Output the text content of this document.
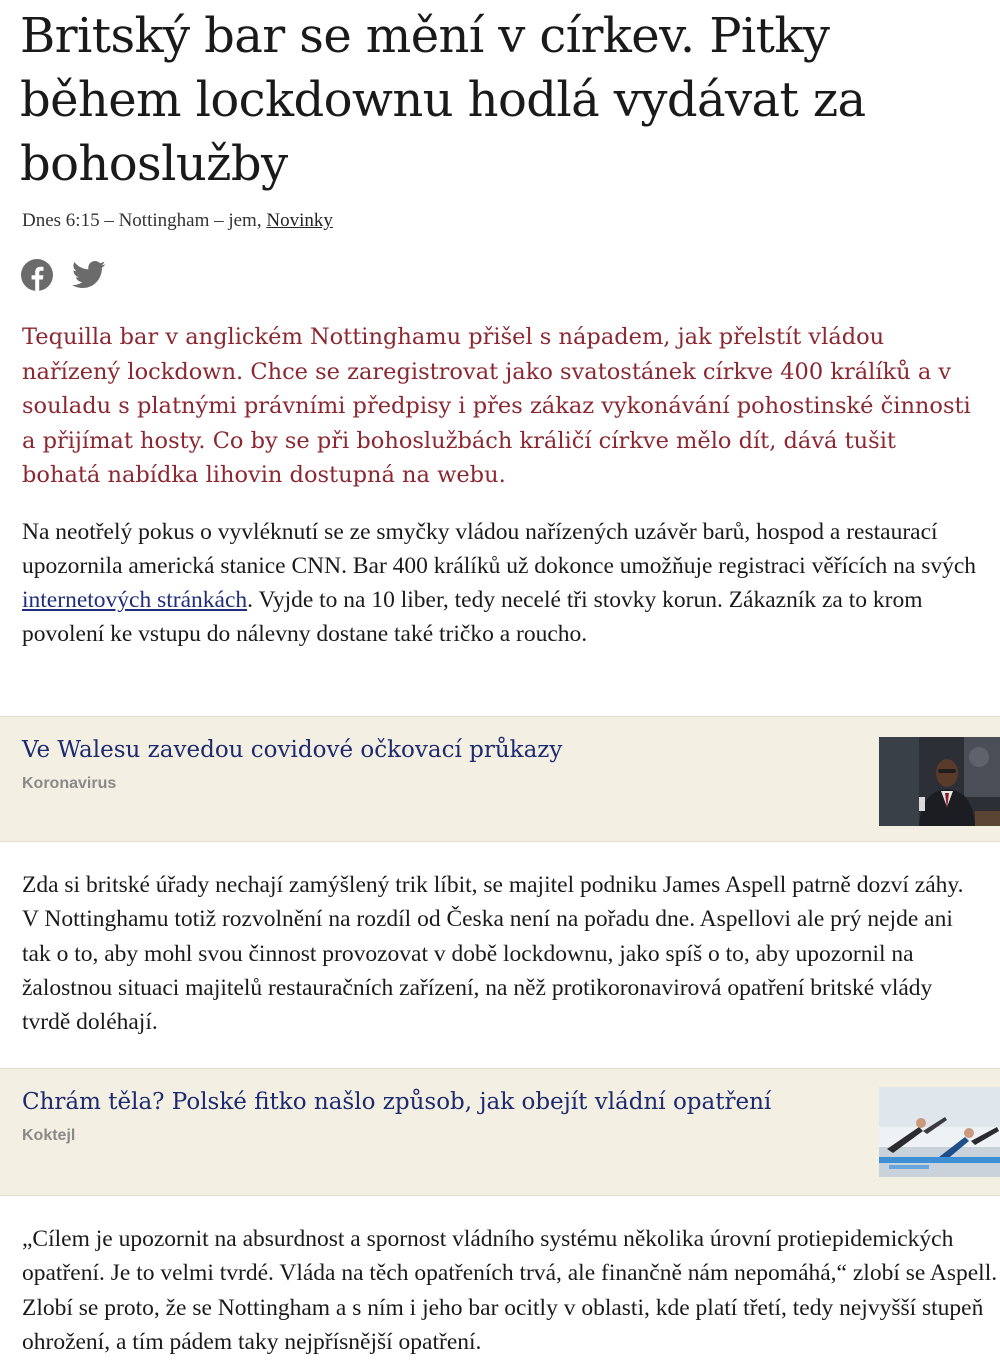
Britský bar se mění v církev. Pitky během lockdownu hodlá vydávat za bohoslužby
Dnes 6:15 – Nottingham – jem, Novinky

Tequilla bar v anglickém Nottinghamu přišel s nápadem, jak přelstít vládou nařízený lockdown. Chce se zaregistrovat jako svatostánek církve 400 králíků a v souladu s platnými právními předpisy i přes zákaz vykonávání pohostinské činnosti a přijímat hosty. Co by se při bohoslužbách králičí církve mělo dít, dává tušit bohatá nabídka lihovin dostupná na webu.

Na neotřelý pokus o vyvléknutí se ze smyčky vládou nařízených uzávěr barů, hospod a restaurací upozornila americká stanice CNN. Bar 400 králíků už dokonce umožňuje registraci věřících na svých internetových stránkách. Vyjde to na 10 liber, tedy necelé tři stovky korun. Zákazník za to krom povolení ke vstupu do nálevny dostane také tričko a roucho.

Ve Walesu zavedou covidové očkovací průkazy
Koronavirus

Zda si britské úřady nechají zamýšlený trik líbit, se majitel podniku James Aspell patrně dozví záhy. V Nottinghamu totiž rozvolnění na rozdíl od Česka není na pořadu dne. Aspellovi ale prý nejde ani tak o to, aby mohl svou činnost provozovat v době lockdownu, jako spíš o to, aby upozornil na žalostnou situaci majitelů restauračních zařízení, na něž protikoronavirová opatření britské vlády tvrdě doléhají.

Chrám těla? Polské fitko našlo způsob, jak obejít vládní opatření
Koktejl

„Cílem je upozornit na absurdnost a spornost vládního systému několika úrovní protiepidemických opatření. Je to velmi tvrdé. Vláda na těch opatřeních trvá, ale finančně nám nepomáhá,“ zlobí se Aspell. Zlobí se proto, že se Nottingham a s ním i jeho bar ocitly v oblasti, kde platí třetí, tedy nejvyšší stupeň ohrožení, a tím pádem taky nejpřísnější opatření.
